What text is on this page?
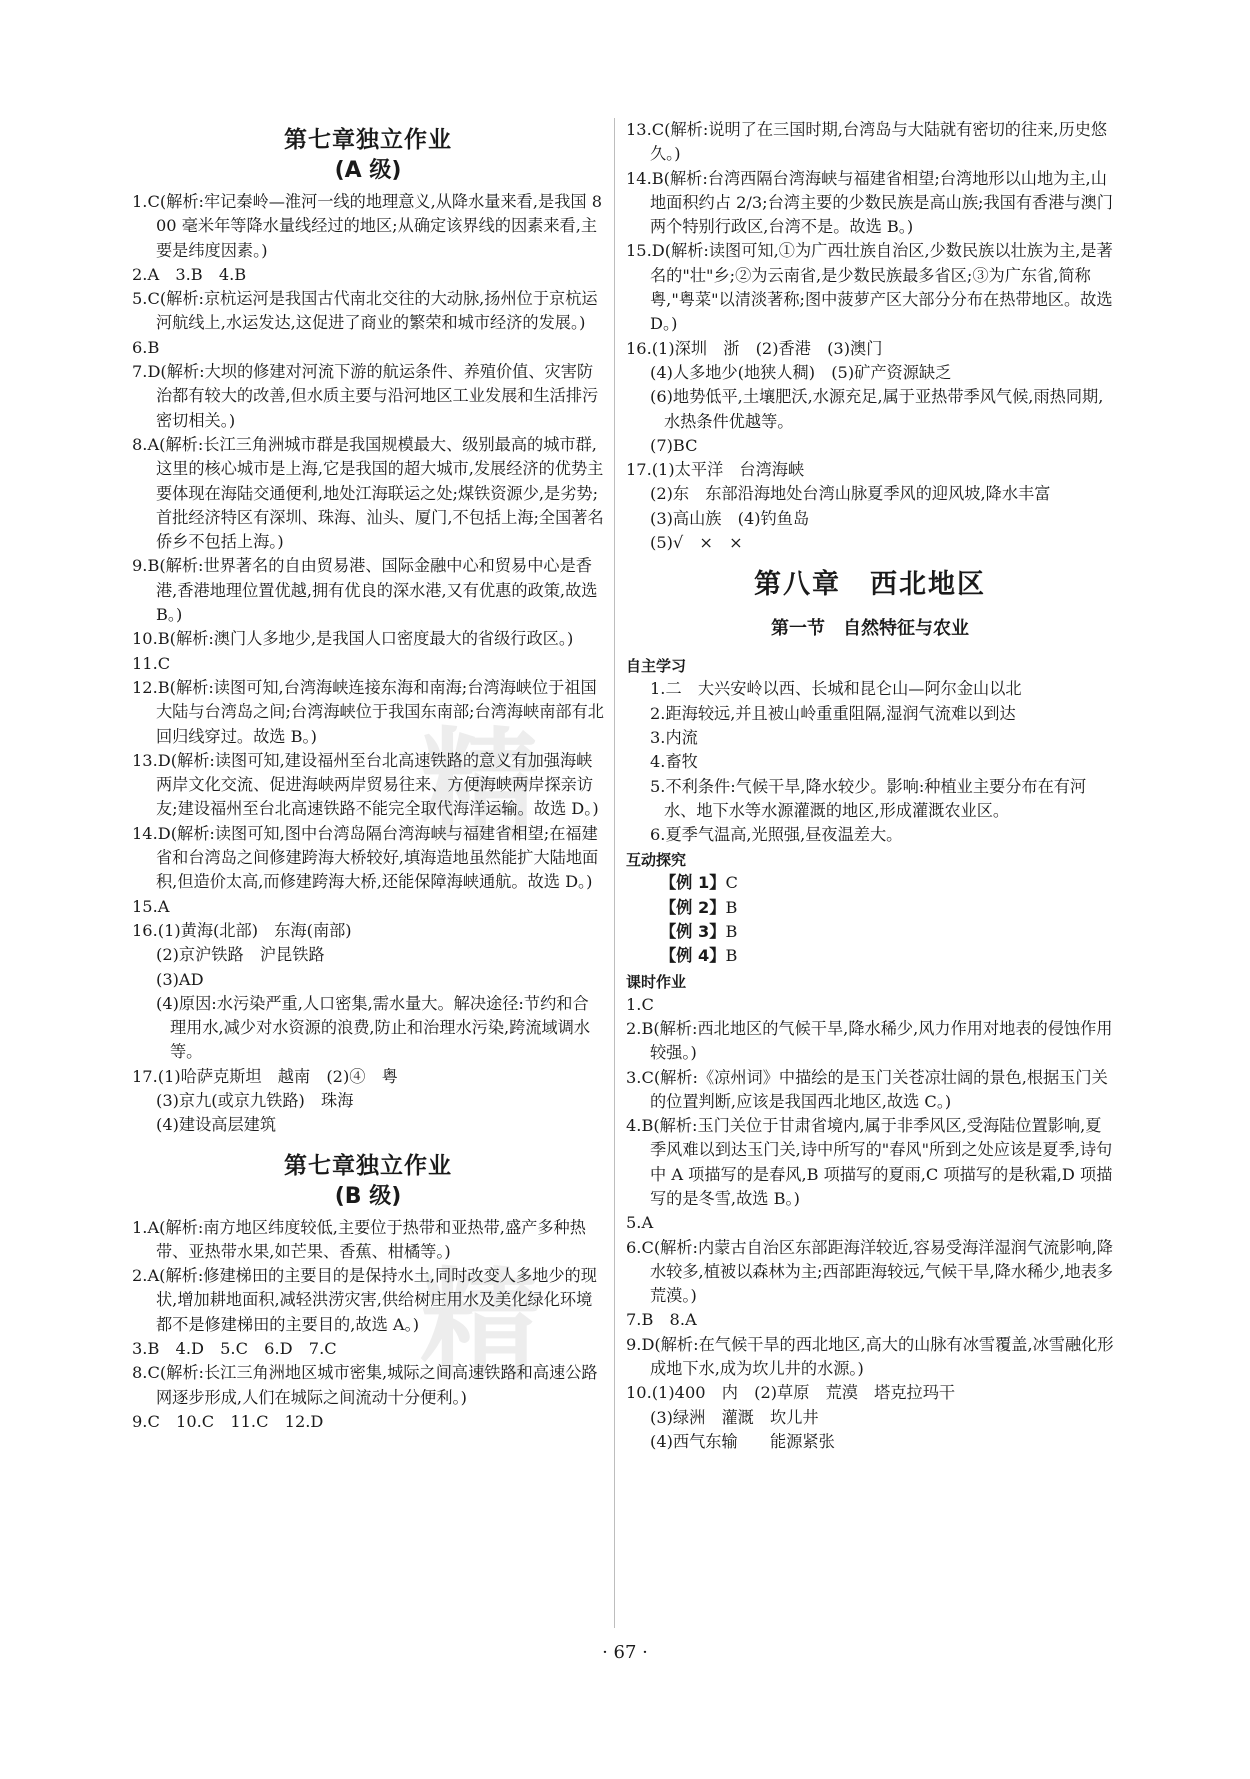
精
精
第七章独立作业
(A 级)

1.C(解析:牢记秦岭—淮河一线的地理意义,从降水量来看,是我国 800 毫米年等降水量线经过的地区;从确定该界线的因素来看,主要是纬度因素。)

2.A　3.B　4.B

5.C(解析:京杭运河是我国古代南北交往的大动脉,扬州位于京杭运河航线上,水运发达,这促进了商业的繁荣和城市经济的发展。)

6.B

7.D(解析:大坝的修建对河流下游的航运条件、养殖价值、灾害防治都有较大的改善,但水质主要与沿河地区工业发展和生活排污密切相关。)

8.A(解析:长江三角洲城市群是我国规模最大、级别最高的城市群,这里的核心城市是上海,它是我国的超大城市,发展经济的优势主要体现在海陆交通便利,地处江海联运之处;煤铁资源少,是劣势;首批经济特区有深圳、珠海、汕头、厦门,不包括上海;全国著名侨乡不包括上海。)

9.B(解析:世界著名的自由贸易港、国际金融中心和贸易中心是香港,香港地理位置优越,拥有优良的深水港,又有优惠的政策,故选 B。)

10.B(解析:澳门人多地少,是我国人口密度最大的省级行政区。)

11.C

12.B(解析:读图可知,台湾海峡连接东海和南海;台湾海峡位于祖国大陆与台湾岛之间;台湾海峡位于我国东南部;台湾海峡南部有北回归线穿过。故选 B。)

13.D(解析:读图可知,建设福州至台北高速铁路的意义有加强海峡两岸文化交流、促进海峡两岸贸易往来、方便海峡两岸探亲访友;建设福州至台北高速铁路不能完全取代海洋运输。故选 D。)

14.D(解析:读图可知,图中台湾岛隔台湾海峡与福建省相望;在福建省和台湾岛之间修建跨海大桥较好,填海造地虽然能扩大陆地面积,但造价太高,而修建跨海大桥,还能保障海峡通航。故选 D。)

15.A

16.(1)黄海(北部)　东海(南部)

(2)京沪铁路　沪昆铁路

(3)AD

(4)原因:水污染严重,人口密集,需水量大。解决途径:节约和合理用水,减少对水资源的浪费,防止和治理水污染,跨流域调水等。

17.(1)哈萨克斯坦　越南　(2)④　粤

(3)京九(或京九铁路)　珠海

(4)建设高层建筑

第七章独立作业
(B 级)

1.A(解析:南方地区纬度较低,主要位于热带和亚热带,盛产多种热带、亚热带水果,如芒果、香蕉、柑橘等。)

2.A(解析:修建梯田的主要目的是保持水土,同时改变人多地少的现状,增加耕地面积,减轻洪涝灾害,供给树庄用水及美化绿化环境都不是修建梯田的主要目的,故选 A。)

3.B　4.D　5.C　6.D　7.C

8.C(解析:长江三角洲地区城市密集,城际之间高速铁路和高速公路网逐步形成,人们在城际之间流动十分便利。)

9.C　10.C　11.C　12.D

13.C(解析:说明了在三国时期,台湾岛与大陆就有密切的往来,历史悠久。)

14.B(解析:台湾西隔台湾海峡与福建省相望;台湾地形以山地为主,山地面积约占 2/3;台湾主要的少数民族是高山族;我国有香港与澳门两个特别行政区,台湾不是。故选 B。)

15.D(解析:读图可知,①为广西壮族自治区,少数民族以壮族为主,是著名的"壮"乡;②为云南省,是少数民族最多省区;③为广东省,简称粤,"粤菜"以清淡著称;图中菠萝产区大部分分布在热带地区。故选 D。)

16.(1)深圳　浙　(2)香港　(3)澳门

(4)人多地少(地狭人稠)　(5)矿产资源缺乏

(6)地势低平,土壤肥沃,水源充足,属于亚热带季风气候,雨热同期,水热条件优越等。

(7)BC

17.(1)太平洋　台湾海峡

(2)东　东部沿海地处台湾山脉夏季风的迎风坡,降水丰富

(3)高山族　(4)钓鱼岛

(5)√　×　×

第八章　西北地区
第一节　自然特征与农业
自主学习

1.二　大兴安岭以西、长城和昆仑山—阿尔金山以北

2.距海较远,并且被山岭重重阻隔,湿润气流难以到达

3.内流

4.畜牧

5.不利条件:气候干旱,降水较少。影响:种植业主要分布在有河水、地下水等水源灌溉的地区,形成灌溉农业区。

6.夏季气温高,光照强,昼夜温差大。

互动探究

【例 1】C

【例 2】B

【例 3】B

【例 4】B

课时作业

1.C

2.B(解析:西北地区的气候干旱,降水稀少,风力作用对地表的侵蚀作用较强。)

3.C(解析:《凉州词》中描绘的是玉门关苍凉壮阔的景色,根据玉门关的位置判断,应该是我国西北地区,故选 C。)

4.B(解析:玉门关位于甘肃省境内,属于非季风区,受海陆位置影响,夏季风难以到达玉门关,诗中所写的"春风"所到之处应该是夏季,诗句中 A 项描写的是春风,B 项描写的夏雨,C 项描写的是秋霜,D 项描写的是冬雪,故选 B。)

5.A

6.C(解析:内蒙古自治区东部距海洋较近,容易受海洋湿润气流影响,降水较多,植被以森林为主;西部距海较远,气候干旱,降水稀少,地表多荒漠。)

7.B　8.A

9.D(解析:在气候干旱的西北地区,高大的山脉有冰雪覆盖,冰雪融化形成地下水,成为坎儿井的水源。)

10.(1)400　内　(2)草原　荒漠　塔克拉玛干

(3)绿洲　灌溉　坎儿井

(4)西气东输　　能源紧张

· 67 ·
